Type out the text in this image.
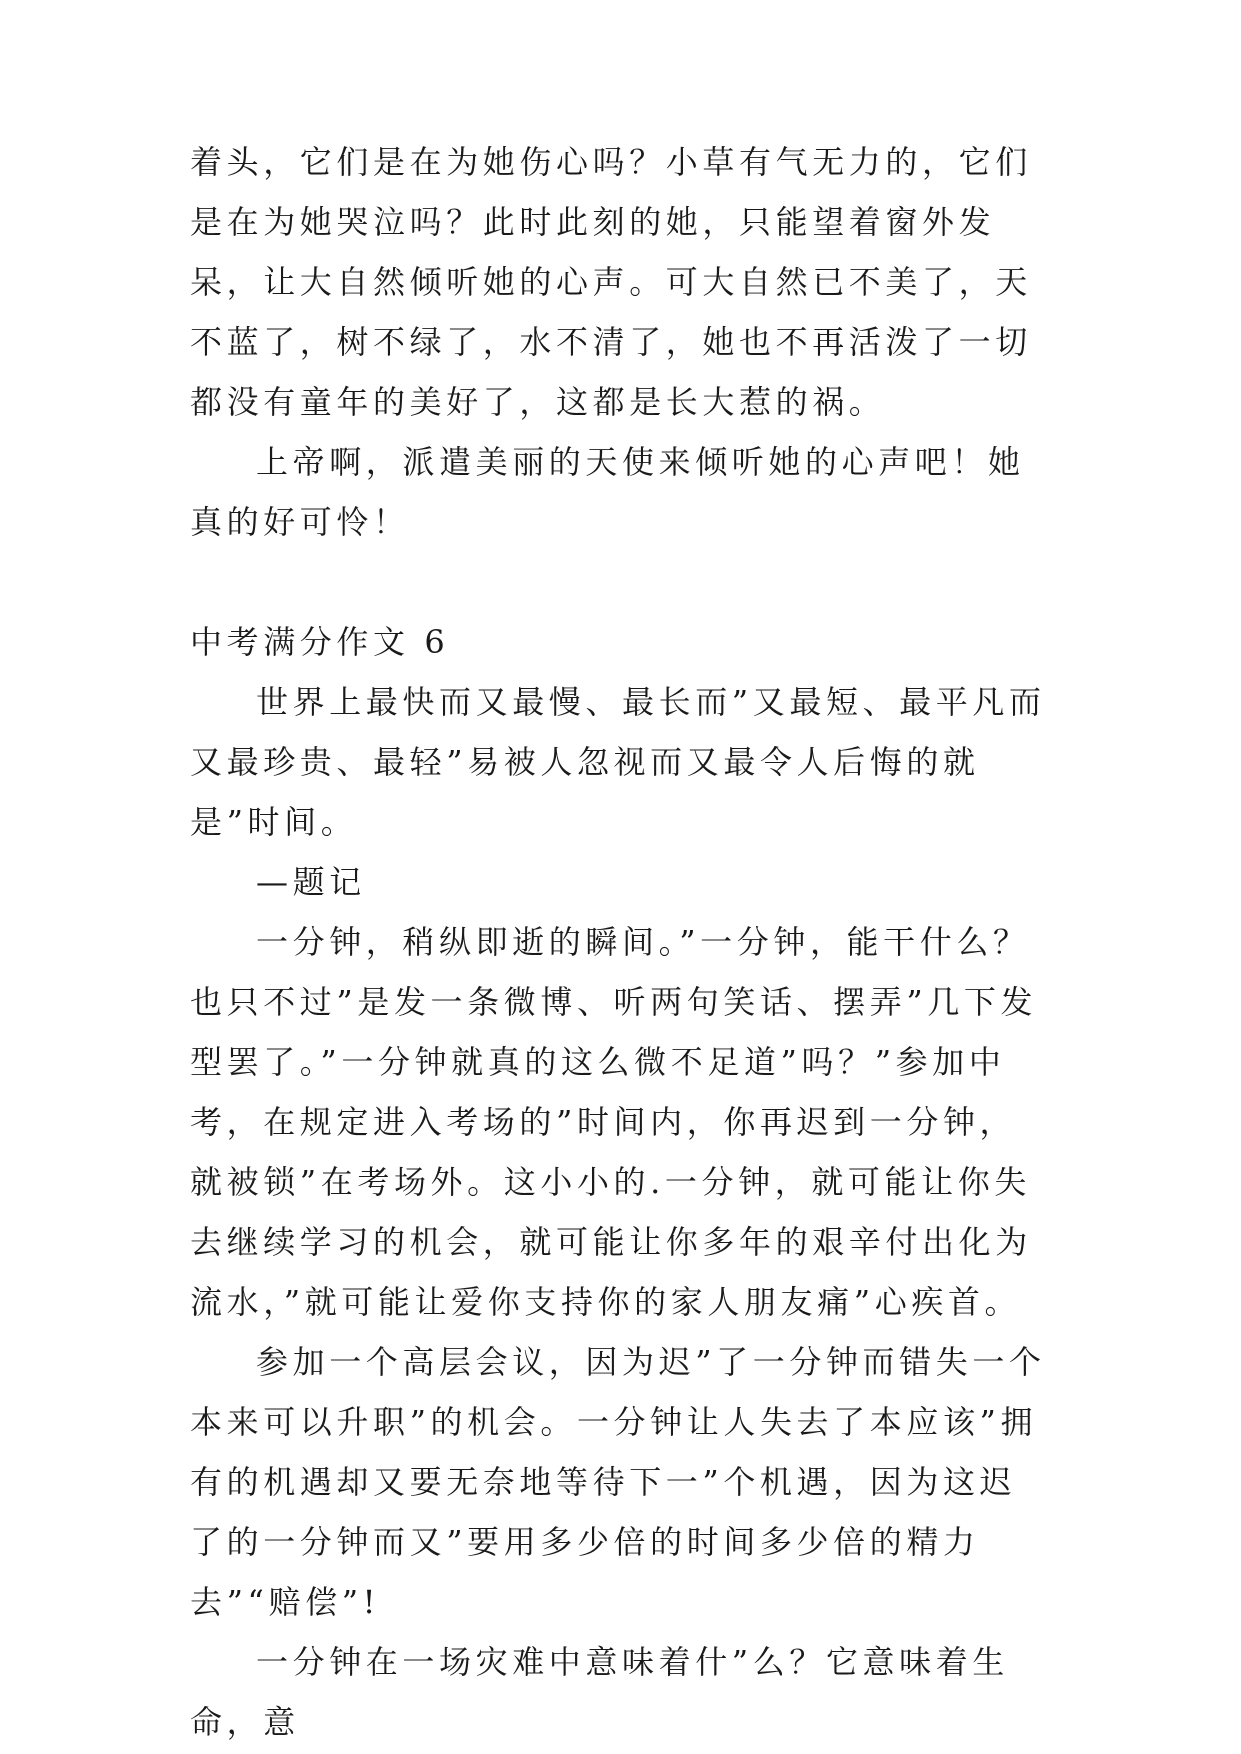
着头，它们是在为她伤心吗？小草有气无力的，它们是在为她哭泣吗？此时此刻的她，只能望着窗外发呆，让大自然倾听她的心声。可大自然已不美了，天不蓝了，树不绿了，水不清了，她也不再活泼了一切都没有童年的美好了，这都是长大惹的祸。

上帝啊，派遣美丽的天使来倾听她的心声吧！她真的好可怜！

中考满分作文 6

世界上最快而又最慢、最长而”又最短、最平凡而又最珍贵、最轻”易被人忽视而又最令人后悔的就是”时间。

—题记

一分钟，稍纵即逝的瞬间。”一分钟，能干什么？也只不过”是发一条微博、听两句笑话、摆弄”几下发型罢了。”一分钟就真的这么微不足道”吗？”参加中考，在规定进入考场的”时间内，你再迟到一分钟，就被锁”在考场外。这小小的.一分钟，就可能让你失去继续学习的机会，就可能让你多年的艰辛付出化为流水，”就可能让爱你支持你的家人朋友痛”心疾首。

参加一个高层会议，因为迟”了一分钟而错失一个本来可以升职”的机会。一分钟让人失去了本应该”拥有的机遇却又要无奈地等待下一”个机遇，因为这迟了的一分钟而又”要用多少倍的时间多少倍的精力去”“赔偿”!

一分钟在一场灾难中意味着什”么？它意味着生命，意
